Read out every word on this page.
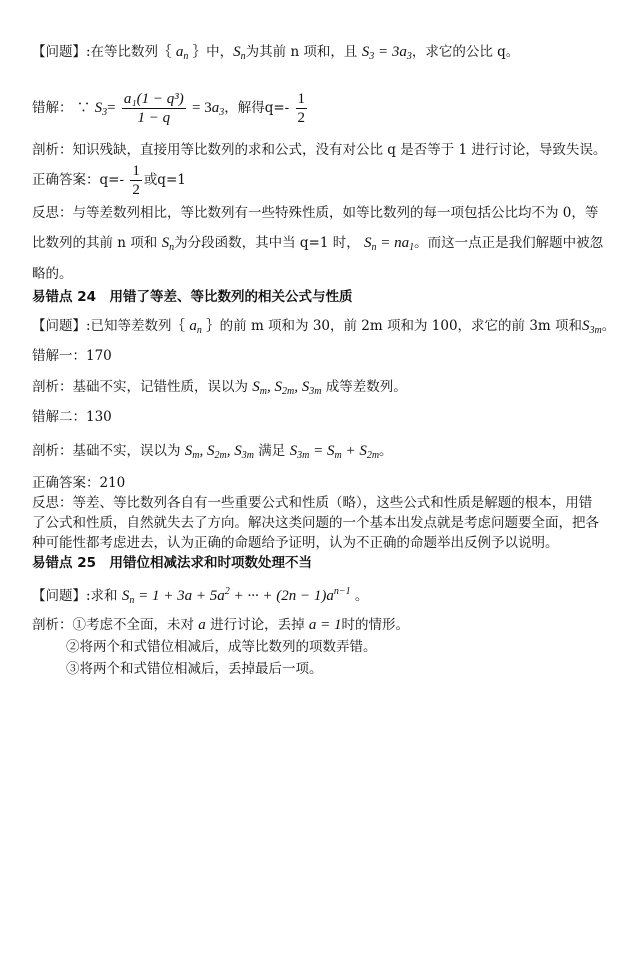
【问题】:在等比数列｛ $a_n$ ｝中，$S_n$为其前 n 项和，且 $S_3 = 3a_3$，求它的公比 q。
错解： ∵ $S_3= \frac{\text{a₁(1 − q³)}}{1 - q} = 3a_3$，解得$q=- \frac{1}{2}$
剖析：知识残缺，直接用等比数列的求和公式，没有对公比 q 是否等于 1 进行讨论，导致失误。
正确答案：$q=- \frac{1}{2}$ 或q=1
反思：与等差数列相比，等比数列有一些特殊性质，如等比数列的每一项包括公比均不为 0，等
比数列的其前 n 项和 $S_n$为分段函数，其中当 q=1 时， $S_n = na_1$。而这一点正是我们解题中被忽
略的。
易错点 24　用错了等差、等比数列的相关公式与性质
【问题】:已知等差数列｛ $a_n$ ｝的前 m 项和为 30，前 2m 项和为 100，求它的前 3m 项和$S_{3m}$。
错解一：170
剖析：基础不实，记错性质，误以为 $S_m$, $S_{2m}$, $S_{3m}$ 成等差数列。
错解二：130
剖析：基础不实，误以为 $S_m$, $S_{2m}$, $S_{3m}$ 满足 $S_{3m} = S_m + S_{2m}$。
正确答案：210
反思：等差、等比数列各自有一些重要公式和性质（略），这些公式和性质是解题的根本，用错
了公式和性质，自然就失去了方向。解决这类问题的一个基本出发点就是考虑问题要全面，把各
种可能性都考虑进去，认为正确的命题给予证明，认为不正确的命题举出反例予以说明。
易错点 25　用错位相减法求和时项数处理不当
【问题】:求和 $S_n = 1 + 3a + 5a^2$ + ··· + $(2n - 1)a^{n-1}$ 。
剖析：①考虑不全面，未对 a 进行讨论，丢掉 a = 1时的情形。
②将两个和式错位相减后，成等比数列的项数弄错。
③将两个和式错位相减后，丢掉最后一项。
